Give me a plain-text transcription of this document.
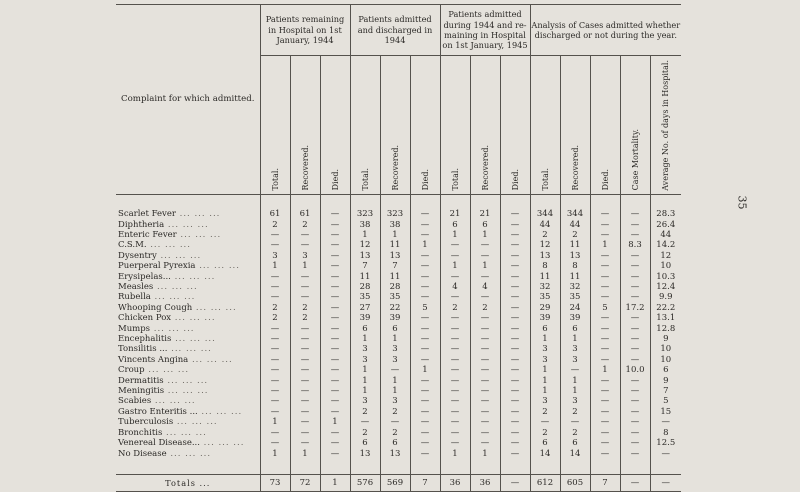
35
Complaint for which admitted.	Patients remaining in Hospital on 1st January, 1944			Patients admitted and discharged in 1944			Patients admitted during 1944 and re-maining in Hospital on 1st January, 1945			Analysis of Cases admitted whether discharged or not during the year.				
	Total.	Recovered.	Died.	Total.	Recovered.	Died.	Total.	Recovered.	Died.	Total.	Recovered.	Died.	Case Mortality.	Average No. of days in Hospital.

Scarlet Fever ... ... ...	61	61	—	323	323	—	21	21	—	344	344	—	—	28.3
Diphtheria ... ... ...	2	2	—	38	38	—	6	6	—	44	44	—	—	26.4
Enteric Fever ... ... ...	—	—	—	1	1	—	1	1	—	2	2	—	—	44
C.S.M. ... ... ...	—	—	—	12	11	1	—	—	—	12	11	1	8.3	14.2
Dysentry ... ... ...	3	3	—	13	13	—	—	—	—	13	13	—	—	12
Puerperal Pyrexia ... ... ...	1	1	—	7	7	—	1	1	—	8	8	—	—	10
Erysipelas... ... ... ...	—	—	—	11	11	—	—	—	—	11	11	—	—	10.3
Measles ... ... ...	—	—	—	28	28	—	4	4	—	32	32	—	—	12.4
Rubella ... ... ...	—	—	—	35	35	—	—	—	—	35	35	—	—	9.9
Whooping Cough ... ... ...	2	2	—	27	22	5	2	2	—	29	24	5	17.2	22.2
Chicken Pox ... ... ...	2	2	—	39	39	—	—	—	—	39	39	—	—	13.1
Mumps ... ... ...	—	—	—	6	6	—	—	—	—	6	6	—	—	12.8
Encephalitis ... ... ...	—	—	—	1	1	—	—	—	—	1	1	—	—	9
Tonsilitis ... ... ... ...	—	—	—	3	3	—	—	—	—	3	3	—	—	10
Vincents Angina ... ... ...	—	—	—	3	3	—	—	—	—	3	3	—	—	10
Croup ... ... ...	—	—	—	1	—	1	—	—	—	1	—	1	10.0	6
Dermatitis ... ... ...	—	—	—	1	1	—	—	—	—	1	1	—	—	9
Meningitis ... ... ...	—	—	—	1	1	—	—	—	—	1	1	—	—	7
Scabies ... ... ...	—	—	—	3	3	—	—	—	—	3	3	—	—	5
Gastro Enteritis ... ... ... ...	—	—	—	2	2	—	—	—	—	2	2	—	—	15
Tuberculosis ... ... ...	1	—	1	—	—	—	—	—	—	—	—	—	—	—
Bronchitis ... ... ...	—	—	—	2	2	—	—	—	—	2	2	—	—	8
Venereal Disease... ... ... ...	—	—	—	6	6	—	—	—	—	6	6	—	—	12.5
No Disease ... ... ...	1	1	—	13	13	—	1	1	—	14	14	—	—	—

Totals ...	73	72	1	576	569	7	36	36	—	612	605	7	—	—
